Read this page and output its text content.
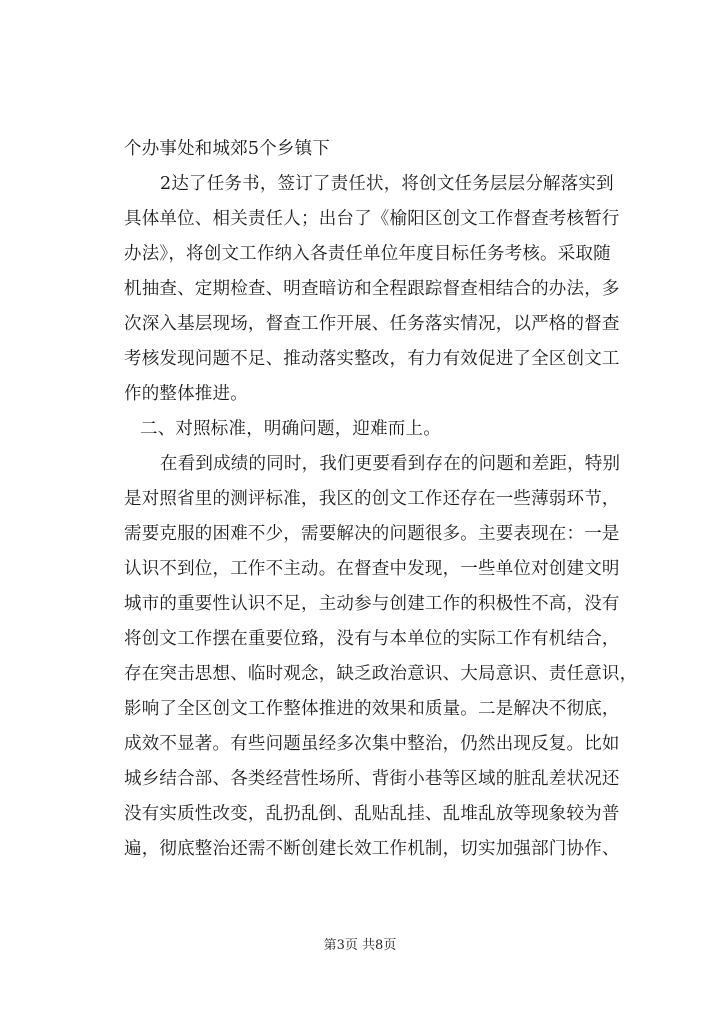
个办事处和城郊5个乡镇下
2达了任务书，签订了责任状，将创文任务层层分解落实到
具体单位、相关责任人；出台了《榆阳区创文工作督查考核暂行
办法》，将创文工作纳入各责任单位年度目标任务考核。采取随
机抽查、定期检查、明查暗访和全程跟踪督查相结合的办法，多
次深入基层现场，督查工作开展、任务落实情况，以严格的督查
考核发现问题不足、推动落实整改，有力有效促进了全区创文工
作的整体推进。
二、对照标准，明确问题，迎难而上。
在看到成绩的同时，我们更要看到存在的问题和差距，特别
是对照省里的测评标准，我区的创文工作还存在一些薄弱环节，
需要克服的困难不少，需要解决的问题很多。主要表现在：一是
认识不到位，工作不主动。在督查中发现，一些单位对创建文明
城市的重要性认识不足，主动参与创建工作的积极性不高，没有
将创文工作摆在重要位臵，没有与本单位的实际工作有机结合，
存在突击思想、临时观念，缺乏政治意识、大局意识、责任意识，
影响了全区创文工作整体推进的效果和质量。二是解决不彻底，
成效不显著。有些问题虽经多次集中整治，仍然出现反复。比如
城乡结合部、各类经营性场所、背街小巷等区域的脏乱差状况还
没有实质性改变，乱扔乱倒、乱贴乱挂、乱堆乱放等现象较为普
遍，彻底整治还需不断创建长效工作机制，切实加强部门协作、
第3页 共8页
